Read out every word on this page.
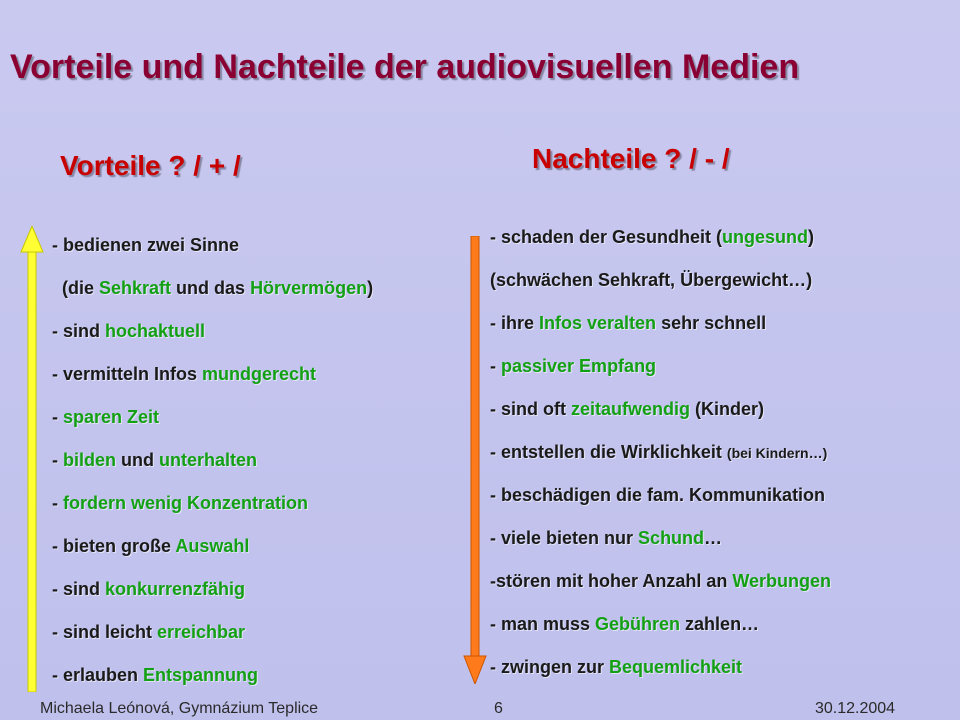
Vorteile und Nachteile der audiovisuellen Medien
Vorteile ? / + /	Nachteile ? / - /
- bedienen zwei Sinne
(die Sehkraft und das Hörvermögen)
- sind hochaktuell
- vermitteln Infos mundgerecht
- sparen Zeit
- bilden und unterhalten
- fordern wenig Konzentration
- bieten große Auswahl
- sind konkurrenzfähig
- sind leicht erreichbar
- erlauben Entspannung
- schaden der Gesundheit (ungesund)
(schwächen Sehkraft, Übergewicht…)
- ihre Infos veralten sehr schnell
- passiver Empfang
- sind oft zeitaufwendig (Kinder)
- entstellen die Wirklichkeit (bei Kindern…)
- beschädigen die fam. Kommunikation
- viele bieten nur Schund…
-stören mit hoher Anzahl an Werbungen
- man muss Gebühren zahlen…
- zwingen zur Bequemlichkeit
Michaela Leónová, Gymnázium Teplice	6	30.12.2004
